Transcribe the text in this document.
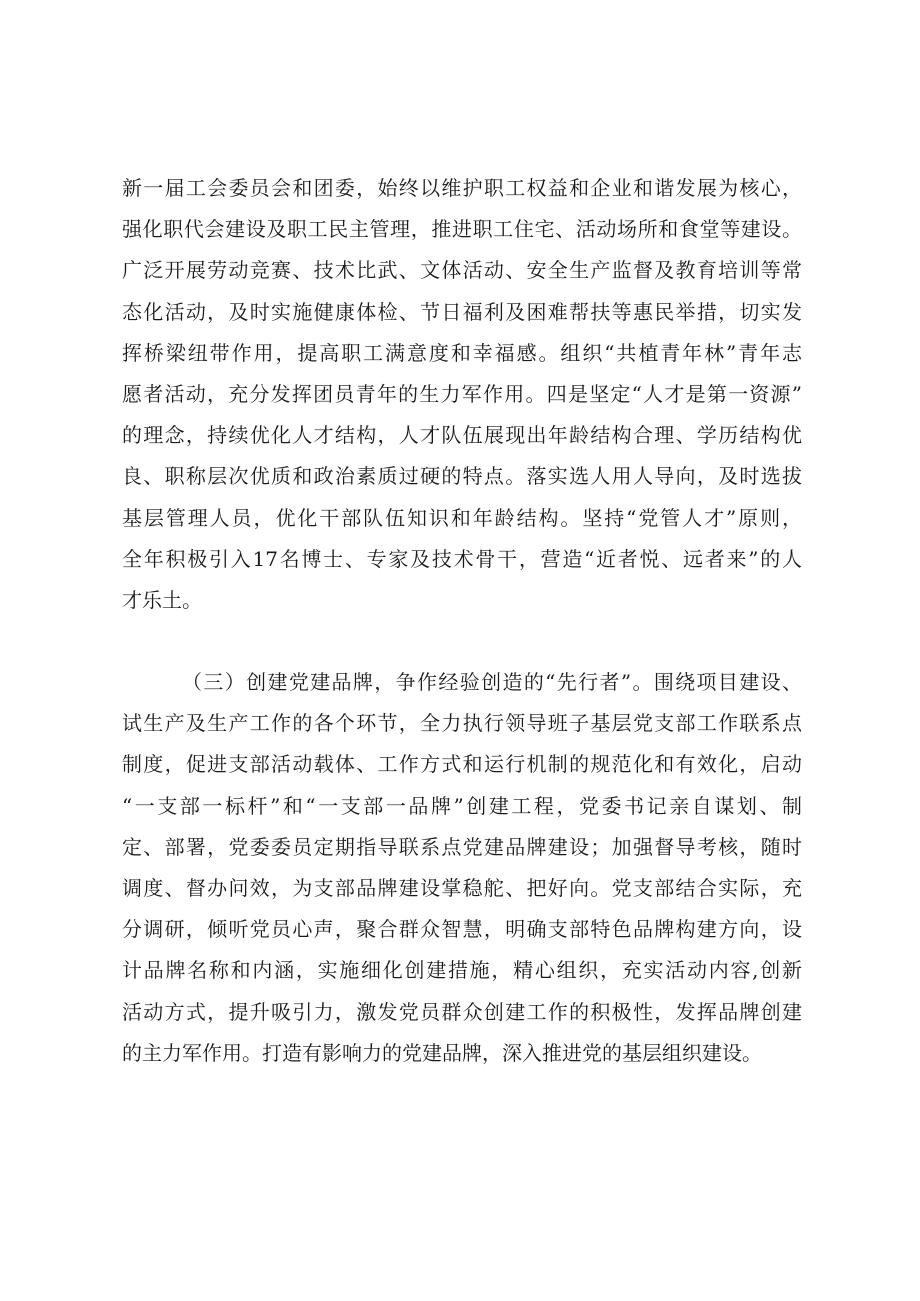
新一届工会委员会和团委，始终以维护职工权益和企业和谐发展为核心，
强化职代会建设及职工民主管理，推进职工住宅、活动场所和食堂等建设。
广泛开展劳动竞赛、技术比武、文体活动、安全生产监督及教育培训等常
态化活动，及时实施健康体检、节日福利及困难帮扶等惠民举措，切实发
挥桥梁纽带作用，提高职工满意度和幸福感。组织“共植青年林”青年志
愿者活动，充分发挥团员青年的生力军作用。四是坚定“人才是第一资源”
的理念，持续优化人才结构，人才队伍展现出年龄结构合理、学历结构优
良、职称层次优质和政治素质过硬的特点。落实选人用人导向，及时选拔
基层管理人员，优化干部队伍知识和年龄结构。坚持“党管人才”原则，
全年积极引入17名博士、专家及技术骨干，营造“近者悦、远者来”的人
才乐土。
（三）创建党建品牌，争作经验创造的“先行者”。围绕项目建设、
试生产及生产工作的各个环节，全力执行领导班子基层党支部工作联系点
制度，促进支部活动载体、工作方式和运行机制的规范化和有效化，启动
“一支部一标杆”和“一支部一品牌”创建工程，党委书记亲自谋划、制
定、部署，党委委员定期指导联系点党建品牌建设；加强督导考核，随时
调度、督办问效，为支部品牌建设掌稳舵、把好向。党支部结合实际，充
分调研，倾听党员心声，聚合群众智慧，明确支部特色品牌构建方向，设
计品牌名称和内涵，实施细化创建措施，精心组织，充实活动内容,创新
活动方式，提升吸引力，激发党员群众创建工作的积极性，发挥品牌创建
的主力军作用。打造有影响力的党建品牌，深入推进党的基层组织建设。
